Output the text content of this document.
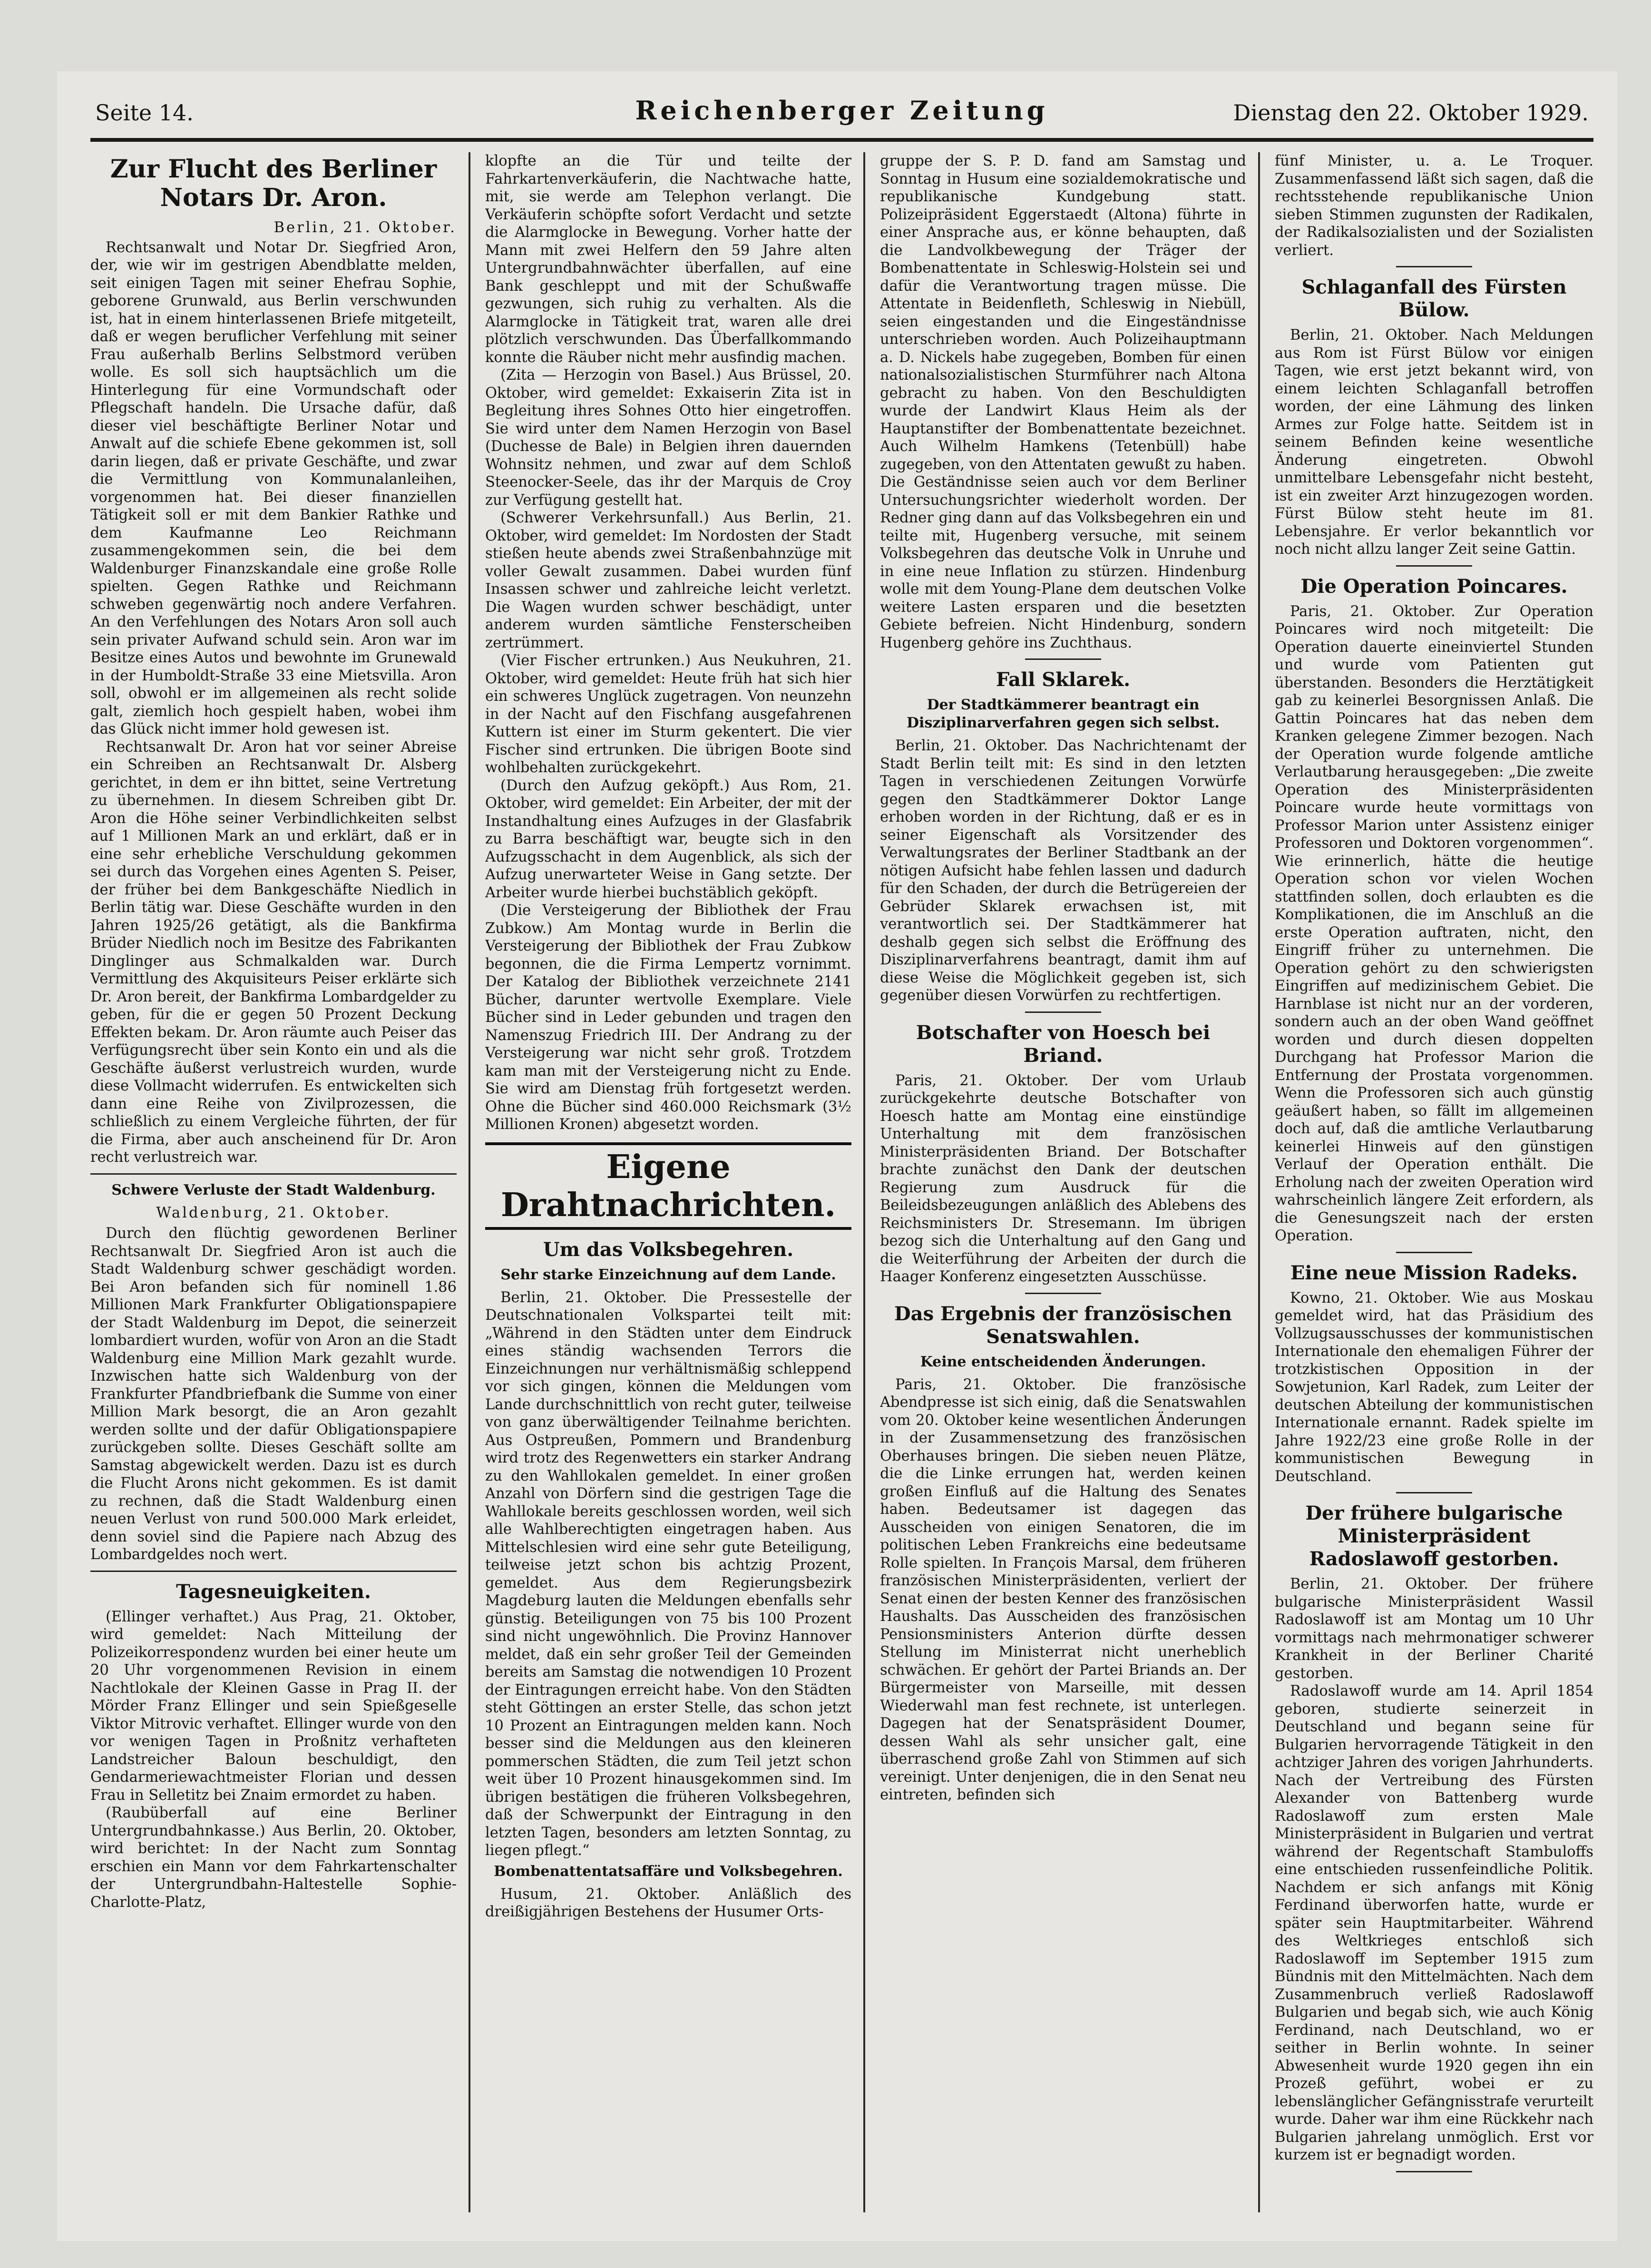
Seite 14.	Reichenberger Zeitung	Dienstag den 22. Oktober 1929.
Zur Flucht des Berliner Notars Dr. Aron.

Berlin, 21. Oktober.

Rechtsanwalt und Notar Dr. Siegfried Aron, der, wie wir im gestrigen Abendblatte melden, seit einigen Tagen mit seiner Ehefrau Sophie, geborene Grunwald, aus Berlin verschwunden ist, hat in einem hinterlassenen Briefe mitgeteilt, daß er wegen beruflicher Verfehlung mit seiner Frau außerhalb Berlins Selbstmord verüben wolle. Es soll sich hauptsächlich um die Hinterlegung für eine Vormundschaft oder Pflegschaft handeln. Die Ursache dafür, daß dieser viel beschäftigte Berliner Notar und Anwalt auf die schiefe Ebene gekommen ist, soll darin liegen, daß er private Geschäfte, und zwar die Vermittlung von Kommunalanleihen, vorgenommen hat. Bei dieser finanziellen Tätigkeit soll er mit dem Bankier Rathke und dem Kaufmanne Leo Reichmann zusammengekommen sein, die bei dem Waldenburger Finanzskandale eine große Rolle spielten. Gegen Rathke und Reichmann schweben gegenwärtig noch andere Verfahren. An den Verfehlungen des Notars Aron soll auch sein privater Aufwand schuld sein. Aron war im Besitze eines Autos und bewohnte im Grunewald in der Humboldt-Straße 33 eine Mietsvilla. Aron soll, obwohl er im allgemeinen als recht solide galt, ziemlich hoch gespielt haben, wobei ihm das Glück nicht immer hold gewesen ist.

Rechtsanwalt Dr. Aron hat vor seiner Abreise ein Schreiben an Rechtsanwalt Dr. Alsberg gerichtet, in dem er ihn bittet, seine Vertretung zu übernehmen. In diesem Schreiben gibt Dr. Aron die Höhe seiner Verbindlichkeiten selbst auf 1 Millionen Mark an und erklärt, daß er in eine sehr erhebliche Verschuldung gekommen sei durch das Vorgehen eines Agenten S. Peiser, der früher bei dem Bankgeschäfte Niedlich in Berlin tätig war. Diese Geschäfte wurden in den Jahren 1925/26 getätigt, als die Bankfirma Brüder Niedlich noch im Besitze des Fabrikanten Dinglinger aus Schmalkalden war. Durch Vermittlung des Akquisiteurs Peiser erklärte sich Dr. Aron bereit, der Bankfirma Lombardgelder zu geben, für die er gegen 50 Prozent Deckung Effekten bekam. Dr. Aron räumte auch Peiser das Verfügungsrecht über sein Konto ein und als die Geschäfte äußerst verlustreich wurden, wurde diese Vollmacht widerrufen. Es entwickelten sich dann eine Reihe von Zivilprozessen, die schließlich zu einem Vergleiche führten, der für die Firma, aber auch anscheinend für Dr. Aron recht verlustreich war.

Schwere Verluste der Stadt Waldenburg.

Waldenburg, 21. Oktober.

Durch den flüchtig gewordenen Berliner Rechtsanwalt Dr. Siegfried Aron ist auch die Stadt Waldenburg schwer geschädigt worden. Bei Aron befanden sich für nominell 1.86 Millionen Mark Frankfurter Obligationspapiere der Stadt Waldenburg im Depot, die seinerzeit lombardiert wurden, wofür von Aron an die Stadt Waldenburg eine Million Mark gezahlt wurde. Inzwischen hatte sich Waldenburg von der Frankfurter Pfandbriefbank die Summe von einer Million Mark besorgt, die an Aron gezahlt werden sollte und der dafür Obligationspapiere zurückgeben sollte. Dieses Geschäft sollte am Samstag abgewickelt werden. Dazu ist es durch die Flucht Arons nicht gekommen. Es ist damit zu rechnen, daß die Stadt Waldenburg einen neuen Verlust von rund 500.000 Mark erleidet, denn soviel sind die Papiere nach Abzug des Lombardgeldes noch wert.

Tagesneuigkeiten.

(Ellinger verhaftet.) Aus Prag, 21. Oktober, wird gemeldet: Nach Mitteilung der Polizeikorrespondenz wurden bei einer heute um 20 Uhr vorgenommenen Revision in einem Nachtlokale der Kleinen Gasse in Prag II. der Mörder Franz Ellinger und sein Spießgeselle Viktor Mitrovic verhaftet. Ellinger wurde von den vor wenigen Tagen in Proßnitz verhafteten Landstreicher Baloun beschuldigt, den Gendarmeriewachtmeister Florian und dessen Frau in Selletitz bei Znaim ermordet zu haben.

(Raubüberfall auf eine Berliner Untergrundbahnkasse.) Aus Berlin, 20. Oktober, wird berichtet: In der Nacht zum Sonntag erschien ein Mann vor dem Fahrkartenschalter der Untergrundbahn-Haltestelle Sophie-Charlotte-Platz,

klopfte an die Tür und teilte der Fahrkartenverkäuferin, die Nachtwache hatte, mit, sie werde am Telephon verlangt. Die Verkäuferin schöpfte sofort Verdacht und setzte die Alarmglocke in Bewegung. Vorher hatte der Mann mit zwei Helfern den 59 Jahre alten Untergrundbahnwächter überfallen, auf eine Bank geschleppt und mit der Schußwaffe gezwungen, sich ruhig zu verhalten. Als die Alarmglocke in Tätigkeit trat, waren alle drei plötzlich verschwunden. Das Überfallkommando konnte die Räuber nicht mehr ausfindig machen.

(Zita — Herzogin von Basel.) Aus Brüssel, 20. Oktober, wird gemeldet: Exkaiserin Zita ist in Begleitung ihres Sohnes Otto hier eingetroffen. Sie wird unter dem Namen Herzogin von Basel (Duchesse de Bale) in Belgien ihren dauernden Wohnsitz nehmen, und zwar auf dem Schloß Steenocker-Seele, das ihr der Marquis de Croy zur Verfügung gestellt hat.

(Schwerer Verkehrsunfall.) Aus Berlin, 21. Oktober, wird gemeldet: Im Nordosten der Stadt stießen heute abends zwei Straßenbahnzüge mit voller Gewalt zusammen. Dabei wurden fünf Insassen schwer und zahlreiche leicht verletzt. Die Wagen wurden schwer beschädigt, unter anderem wurden sämtliche Fensterscheiben zertrümmert.

(Vier Fischer ertrunken.) Aus Neukuhren, 21. Oktober, wird gemeldet: Heute früh hat sich hier ein schweres Unglück zugetragen. Von neunzehn in der Nacht auf den Fischfang ausgefahrenen Kuttern ist einer im Sturm gekentert. Die vier Fischer sind ertrunken. Die übrigen Boote sind wohlbehalten zurückgekehrt.

(Durch den Aufzug geköpft.) Aus Rom, 21. Oktober, wird gemeldet: Ein Arbeiter, der mit der Instandhaltung eines Aufzuges in der Glasfabrik zu Barra beschäftigt war, beugte sich in den Aufzugsschacht in dem Augenblick, als sich der Aufzug unerwarteter Weise in Gang setzte. Der Arbeiter wurde hierbei buchstäblich geköpft.

(Die Versteigerung der Bibliothek der Frau Zubkow.) Am Montag wurde in Berlin die Versteigerung der Bibliothek der Frau Zubkow begonnen, die die Firma Lempertz vornimmt. Der Katalog der Bibliothek verzeichnete 2141 Bücher, darunter wertvolle Exemplare. Viele Bücher sind in Leder gebunden und tragen den Namenszug Friedrich III. Der Andrang zu der Versteigerung war nicht sehr groß. Trotzdem kam man mit der Versteigerung nicht zu Ende. Sie wird am Dienstag früh fortgesetzt werden. Ohne die Bücher sind 460.000 Reichsmark (3½ Millionen Kronen) abgesetzt worden.

Eigene Drahtnachrichten.
Um das Volksbegehren.
Sehr starke Einzeichnung auf dem Lande.

Berlin, 21. Oktober. Die Pressestelle der Deutschnationalen Volkspartei teilt mit: „Während in den Städten unter dem Eindruck eines ständig wachsenden Terrors die Einzeichnungen nur verhältnismäßig schleppend vor sich gingen, können die Meldungen vom Lande durchschnittlich von recht guter, teilweise von ganz überwältigender Teilnahme berichten. Aus Ostpreußen, Pommern und Brandenburg wird trotz des Regenwetters ein starker Andrang zu den Wahllokalen gemeldet. In einer großen Anzahl von Dörfern sind die gestrigen Tage die Wahllokale bereits geschlossen worden, weil sich alle Wahlberechtigten eingetragen haben. Aus Mittelschlesien wird eine sehr gute Beteiligung, teilweise jetzt schon bis achtzig Prozent, gemeldet. Aus dem Regierungsbezirk Magdeburg lauten die Meldungen ebenfalls sehr günstig. Beteiligungen von 75 bis 100 Prozent sind nicht ungewöhnlich. Die Provinz Hannover meldet, daß ein sehr großer Teil der Gemeinden bereits am Samstag die notwendigen 10 Prozent der Eintragungen erreicht habe. Von den Städten steht Göttingen an erster Stelle, das schon jetzt 10 Prozent an Eintragungen melden kann. Noch besser sind die Meldungen aus den kleineren pommerschen Städten, die zum Teil jetzt schon weit über 10 Prozent hinausgekommen sind. Im übrigen bestätigen die früheren Volksbegehren, daß der Schwerpunkt der Eintragung in den letzten Tagen, besonders am letzten Sonntag, zu liegen pflegt.“

Bombenattentatsaffäre und Volksbegehren.

Husum, 21. Oktober. Anläßlich des dreißigjährigen Bestehens der Husumer Orts-

gruppe der S. P. D. fand am Samstag und Sonntag in Husum eine sozialdemokratische und republikanische Kundgebung statt. Polizeipräsident Eggerstaedt (Altona) führte in einer Ansprache aus, er könne behaupten, daß die Landvolkbewegung der Träger der Bombenattentate in Schleswig-Holstein sei und dafür die Verantwortung tragen müsse. Die Attentate in Beidenfleth, Schleswig in Niebüll, seien eingestanden und die Eingeständnisse unterschrieben worden. Auch Polizeihauptmann a. D. Nickels habe zugegeben, Bomben für einen nationalsozialistischen Sturmführer nach Altona gebracht zu haben. Von den Beschuldigten wurde der Landwirt Klaus Heim als der Hauptanstifter der Bombenattentate bezeichnet. Auch Wilhelm Hamkens (Tetenbüll) habe zugegeben, von den Attentaten gewußt zu haben. Die Geständnisse seien auch vor dem Berliner Untersuchungsrichter wiederholt worden. Der Redner ging dann auf das Volksbegehren ein und teilte mit, Hugenberg versuche, mit seinem Volksbegehren das deutsche Volk in Unruhe und in eine neue Inflation zu stürzen. Hindenburg wolle mit dem Young-Plane dem deutschen Volke weitere Lasten ersparen und die besetzten Gebiete befreien. Nicht Hindenburg, sondern Hugenberg gehöre ins Zuchthaus.

Fall Sklarek.
Der Stadtkämmerer beantragt ein Disziplinarverfahren gegen sich selbst.

Berlin, 21. Oktober. Das Nachrichtenamt der Stadt Berlin teilt mit: Es sind in den letzten Tagen in verschiedenen Zeitungen Vorwürfe gegen den Stadtkämmerer Doktor Lange erhoben worden in der Richtung, daß er es in seiner Eigenschaft als Vorsitzender des Verwaltungsrates der Berliner Stadtbank an der nötigen Aufsicht habe fehlen lassen und dadurch für den Schaden, der durch die Betrügereien der Gebrüder Sklarek erwachsen ist, mit verantwortlich sei. Der Stadtkämmerer hat deshalb gegen sich selbst die Eröffnung des Disziplinarverfahrens beantragt, damit ihm auf diese Weise die Möglichkeit gegeben ist, sich gegenüber diesen Vorwürfen zu rechtfertigen.

Botschafter von Hoesch bei Briand.

Paris, 21. Oktober. Der vom Urlaub zurückgekehrte deutsche Botschafter von Hoesch hatte am Montag eine einstündige Unterhaltung mit dem französischen Ministerpräsidenten Briand. Der Botschafter brachte zunächst den Dank der deutschen Regierung zum Ausdruck für die Beileidsbezeugungen anläßlich des Ablebens des Reichsministers Dr. Stresemann. Im übrigen bezog sich die Unterhaltung auf den Gang und die Weiterführung der Arbeiten der durch die Haager Konferenz eingesetzten Ausschüsse.

Das Ergebnis der französischen Senatswahlen.
Keine entscheidenden Änderungen.

Paris, 21. Oktober. Die französische Abendpresse ist sich einig, daß die Senatswahlen vom 20. Oktober keine wesentlichen Änderungen in der Zusammensetzung des französischen Oberhauses bringen. Die sieben neuen Plätze, die die Linke errungen hat, werden keinen großen Einfluß auf die Haltung des Senates haben. Bedeutsamer ist dagegen das Ausscheiden von einigen Senatoren, die im politischen Leben Frankreichs eine bedeutsame Rolle spielten. In François Marsal, dem früheren französischen Ministerpräsidenten, verliert der Senat einen der besten Kenner des französischen Haushalts. Das Ausscheiden des französischen Pensionsministers Anterion dürfte dessen Stellung im Ministerrat nicht unerheblich schwächen. Er gehört der Partei Briands an. Der Bürgermeister von Marseille, mit dessen Wiederwahl man fest rechnete, ist unterlegen. Dagegen hat der Senatspräsident Doumer, dessen Wahl als sehr unsicher galt, eine überraschend große Zahl von Stimmen auf sich vereinigt. Unter denjenigen, die in den Senat neu eintreten, befinden sich

fünf Minister, u. a. Le Troquer. Zusammenfassend läßt sich sagen, daß die rechtsstehende republikanische Union sieben Stimmen zugunsten der Radikalen, der Radikalsozialisten und der Sozialisten verliert.

Schlaganfall des Fürsten Bülow.

Berlin, 21. Oktober. Nach Meldungen aus Rom ist Fürst Bülow vor einigen Tagen, wie erst jetzt bekannt wird, von einem leichten Schlaganfall betroffen worden, der eine Lähmung des linken Armes zur Folge hatte. Seitdem ist in seinem Befinden keine wesentliche Änderung eingetreten. Obwohl unmittelbare Lebensgefahr nicht besteht, ist ein zweiter Arzt hinzugezogen worden. Fürst Bülow steht heute im 81. Lebensjahre. Er verlor bekanntlich vor noch nicht allzu langer Zeit seine Gattin.

Die Operation Poincares.

Paris, 21. Oktober. Zur Operation Poincares wird noch mitgeteilt: Die Operation dauerte eineinviertel Stunden und wurde vom Patienten gut überstanden. Besonders die Herztätigkeit gab zu keinerlei Besorgnissen Anlaß. Die Gattin Poincares hat das neben dem Kranken gelegene Zimmer bezogen. Nach der Operation wurde folgende amtliche Verlautbarung herausgegeben: „Die zweite Operation des Ministerpräsidenten Poincare wurde heute vormittags von Professor Marion unter Assistenz einiger Professoren und Doktoren vorgenommen“. Wie erinnerlich, hätte die heutige Operation schon vor vielen Wochen stattfinden sollen, doch erlaubten es die Komplikationen, die im Anschluß an die erste Operation auftraten, nicht, den Eingriff früher zu unternehmen. Die Operation gehört zu den schwierigsten Eingriffen auf medizinischem Gebiet. Die Harnblase ist nicht nur an der vorderen, sondern auch an der oben Wand geöffnet worden und durch diesen doppelten Durchgang hat Professor Marion die Entfernung der Prostata vorgenommen. Wenn die Professoren sich auch günstig geäußert haben, so fällt im allgemeinen doch auf, daß die amtliche Verlautbarung keinerlei Hinweis auf den günstigen Verlauf der Operation enthält. Die Erholung nach der zweiten Operation wird wahrscheinlich längere Zeit erfordern, als die Genesungszeit nach der ersten Operation.

Eine neue Mission Radeks.

Kowno, 21. Oktober. Wie aus Moskau gemeldet wird, hat das Präsidium des Vollzugsausschusses der kommunistischen Internationale den ehemaligen Führer der trotzkistischen Opposition in der Sowjetunion, Karl Radek, zum Leiter der deutschen Abteilung der kommunistischen Internationale ernannt. Radek spielte im Jahre 1922/23 eine große Rolle in der kommunistischen Bewegung in Deutschland.

Der frühere bulgarische Ministerpräsident Radoslawoff gestorben.

Berlin, 21. Oktober. Der frühere bulgarische Ministerpräsident Wassil Radoslawoff ist am Montag um 10 Uhr vormittags nach mehrmonatiger schwerer Krankheit in der Berliner Charité gestorben.

Radoslawoff wurde am 14. April 1854 geboren, studierte seinerzeit in Deutschland und begann seine für Bulgarien hervorragende Tätigkeit in den achtziger Jahren des vorigen Jahrhunderts. Nach der Vertreibung des Fürsten Alexander von Battenberg wurde Radoslawoff zum ersten Male Ministerpräsident in Bulgarien und vertrat während der Regentschaft Stambuloffs eine entschieden russenfeindliche Politik. Nachdem er sich anfangs mit König Ferdinand überworfen hatte, wurde er später sein Hauptmitarbeiter. Während des Weltkrieges entschloß sich Radoslawoff im September 1915 zum Bündnis mit den Mittelmächten. Nach dem Zusammenbruch verließ Radoslawoff Bulgarien und begab sich, wie auch König Ferdinand, nach Deutschland, wo er seither in Berlin wohnte. In seiner Abwesenheit wurde 1920 gegen ihn ein Prozeß geführt, wobei er zu lebenslänglicher Gefängnisstrafe verurteilt wurde. Daher war ihm eine Rückkehr nach Bulgarien jahrelang unmöglich. Erst vor kurzem ist er begnadigt worden.
